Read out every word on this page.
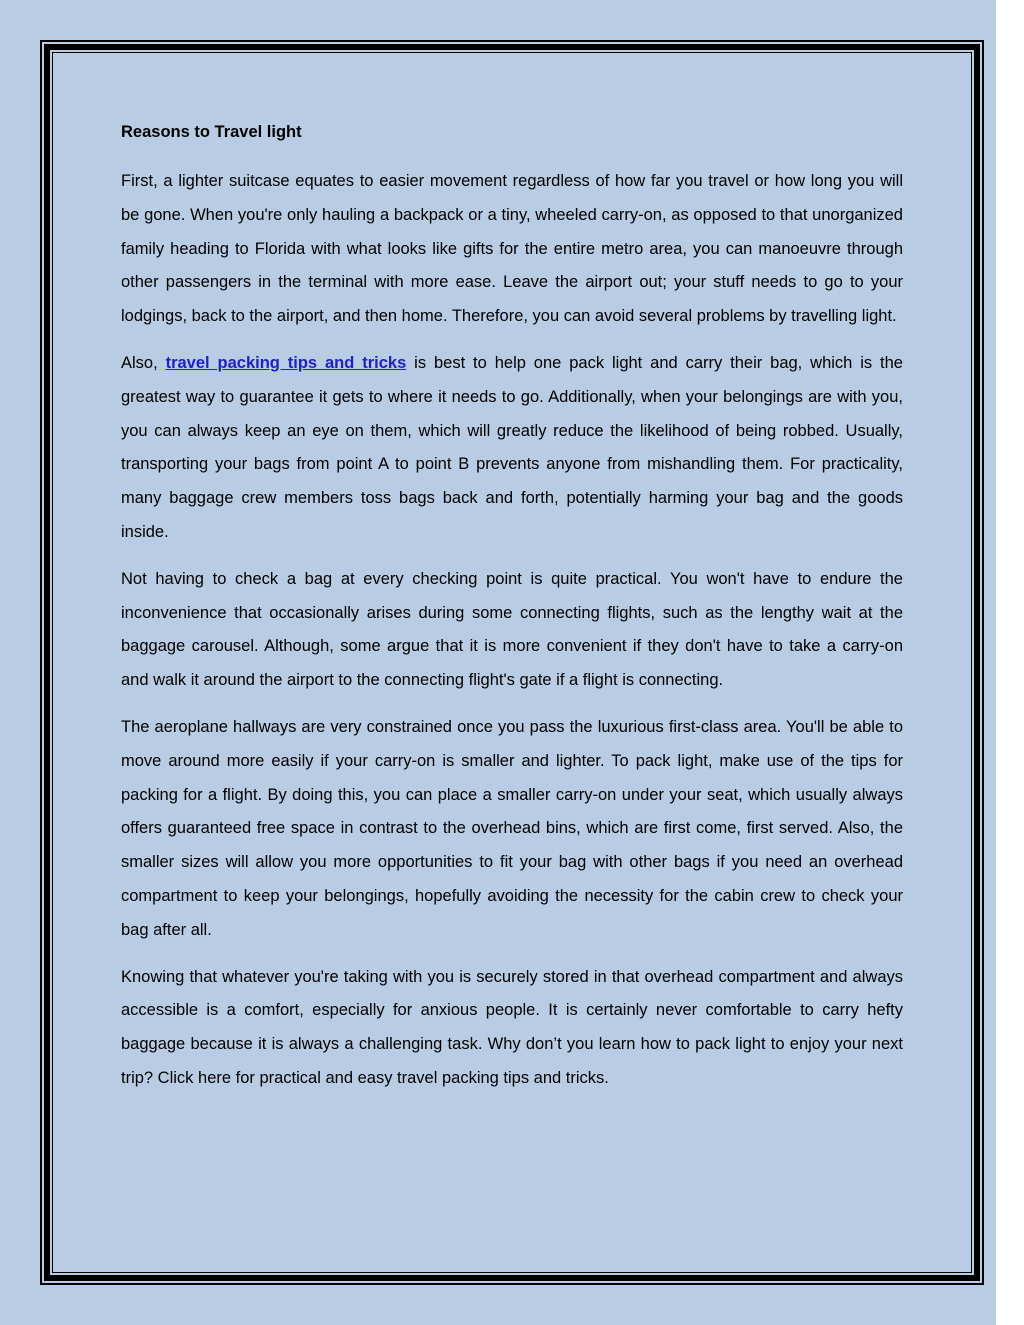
Reasons to Travel light

First, a lighter suitcase equates to easier movement regardless of how far you travel or how long you will be gone. When you're only hauling a backpack or a tiny, wheeled carry-on, as opposed to that unorganized family heading to Florida with what looks like gifts for the entire metro area, you can manoeuvre through other passengers in the terminal with more ease. Leave the airport out; your stuff needs to go to your lodgings, back to the airport, and then home. Therefore, you can avoid several problems by travelling light.

Also, travel packing tips and tricks is best to help one pack light and carry their bag, which is the greatest way to guarantee it gets to where it needs to go. Additionally, when your belongings are with you, you can always keep an eye on them, which will greatly reduce the likelihood of being robbed. Usually, transporting your bags from point A to point B prevents anyone from mishandling them. For practicality, many baggage crew members toss bags back and forth, potentially harming your bag and the goods inside.

Not having to check a bag at every checking point is quite practical. You won't have to endure the inconvenience that occasionally arises during some connecting flights, such as the lengthy wait at the baggage carousel. Although, some argue that it is more convenient if they don't have to take a carry-on and walk it around the airport to the connecting flight's gate if a flight is connecting.

The aeroplane hallways are very constrained once you pass the luxurious first-class area. You'll be able to move around more easily if your carry-on is smaller and lighter. To pack light, make use of the tips for packing for a flight. By doing this, you can place a smaller carry-on under your seat, which usually always offers guaranteed free space in contrast to the overhead bins, which are first come, first served. Also, the smaller sizes will allow you more opportunities to fit your bag with other bags if you need an overhead compartment to keep your belongings, hopefully avoiding the necessity for the cabin crew to check your bag after all.

Knowing that whatever you're taking with you is securely stored in that overhead compartment and always accessible is a comfort, especially for anxious people. It is certainly never comfortable to carry hefty baggage because it is always a challenging task. Why don’t you learn how to pack light to enjoy your next trip? Click here for practical and easy travel packing tips and tricks.
